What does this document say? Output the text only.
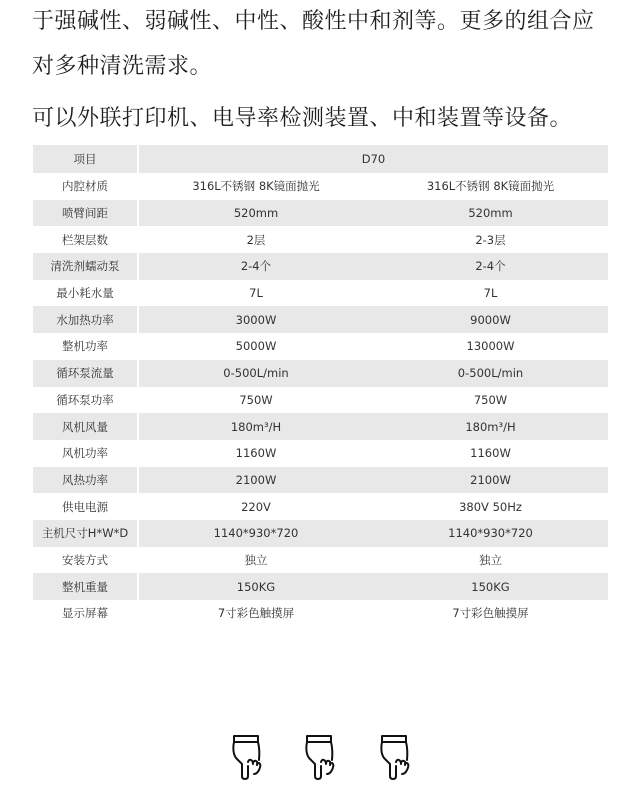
于强碱性、弱碱性、中性、酸性中和剂等。更多的组合应

对多种清洗需求。

可以外联打印机、电导率检测装置、中和装置等设备。

项目	D70	
内腔材质	316L不锈钢 8K镜面抛光	316L不锈钢 8K镜面抛光
喷臂间距	520mm	520mm
栏架层数	2层	2-3层
清洗剂蠕动泵	2-4个	2-4个
最小耗水量	7L	7L
水加热功率	3000W	9000W
整机功率	5000W	13000W
循环泵流量	0-500L/min	0-500L/min
循环泵功率	750W	750W
风机风量	180m³/H	180m³/H
风机功率	1160W	1160W
风热功率	2100W	2100W
供电电源	220V	380V 50Hz
主机尺寸H*W*D	1140*930*720	1140*930*720
安装方式	独立	独立
整机重量	150KG	150KG
显示屏幕	7寸彩色触摸屏	7寸彩色触摸屏
